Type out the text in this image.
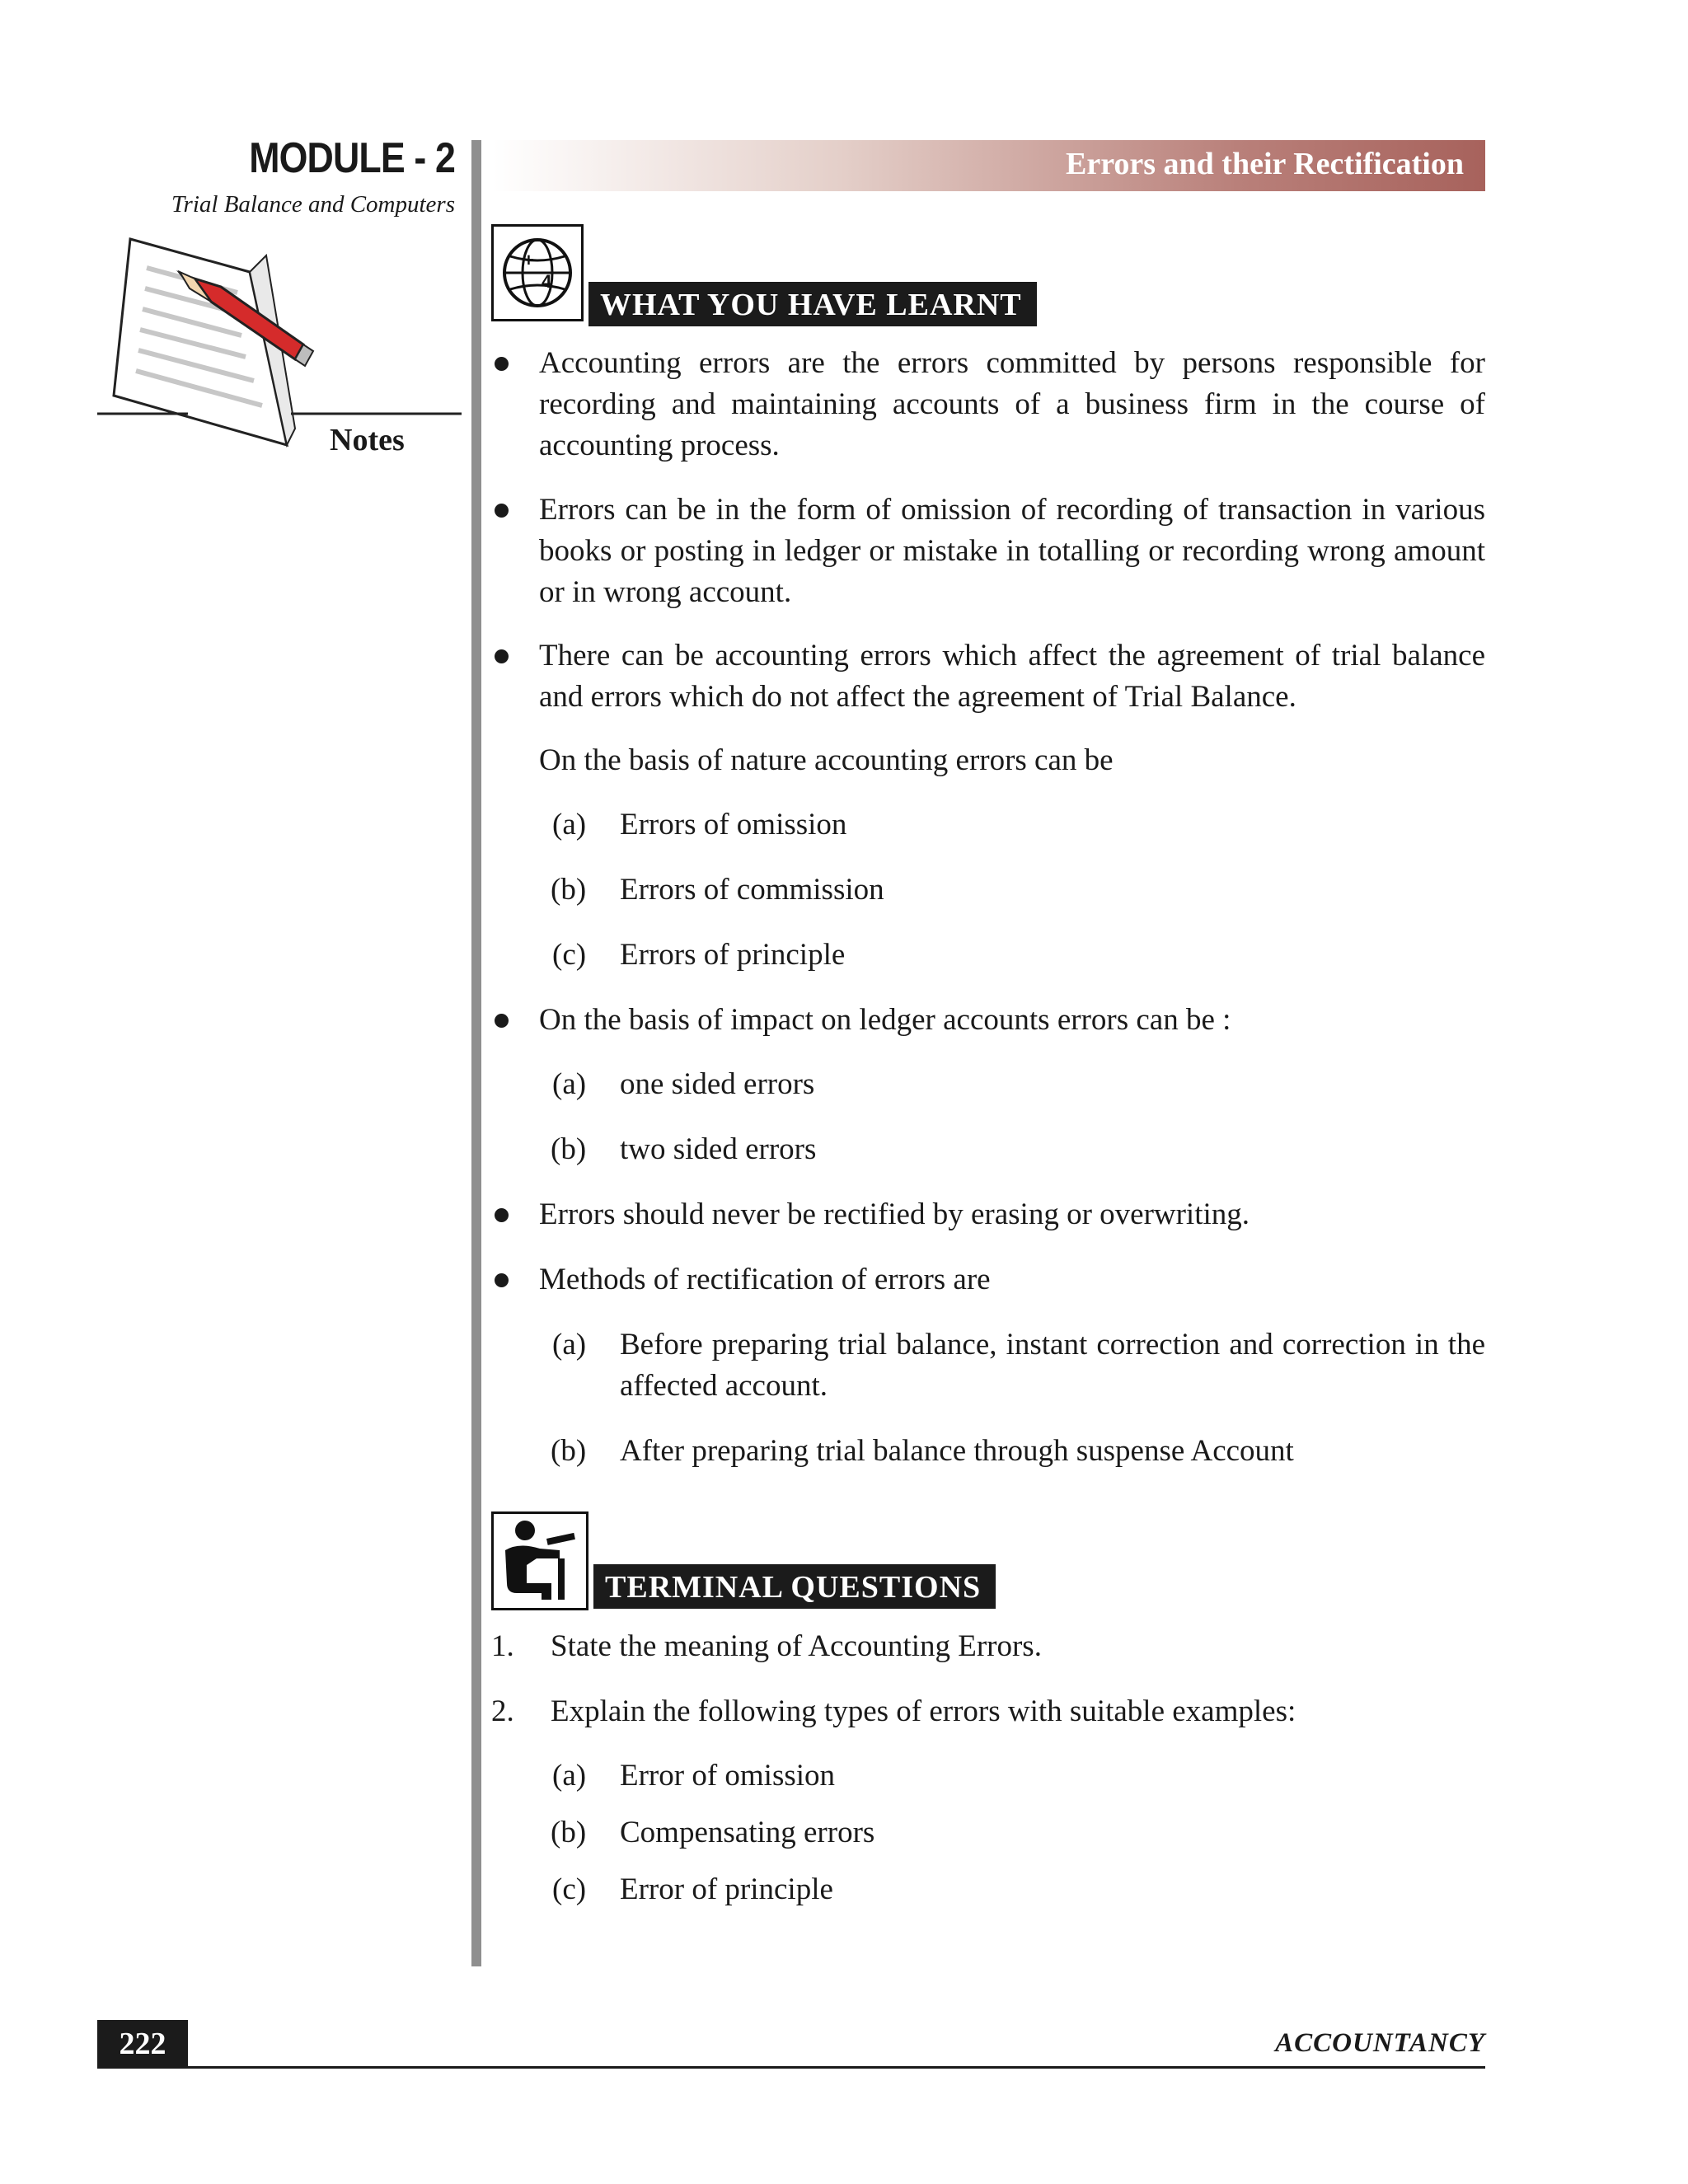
MODULE - 2
Trial Balance and Computers
Notes
Errors and their Rectification
+
4
WHAT YOU HAVE LEARNT
Accounting errors are the errors committed by persons responsible for recording and maintaining accounts of a business firm in the course of accounting process.
Errors can be in the form of omission of recording of transaction in various books or posting in ledger or mistake in totalling or recording wrong amount or in wrong account.
There can be accounting errors which affect the agreement of trial balance and errors which do not affect the agreement of Trial Balance.
On the basis of nature accounting errors can be
(a) Errors of omission
(b) Errors of commission
(c) Errors of principle
On the basis of impact on ledger accounts errors can be :
(a) one sided errors
(b) two sided errors
Errors should never be rectified by erasing or overwriting.
Methods of rectification of errors are
(a) Before preparing trial balance, instant correction and correction in the affected account.
(b) After preparing trial balance through suspense Account
TERMINAL QUESTIONS
1. State the meaning of Accounting Errors.
2. Explain the following types of errors with suitable examples:
(a) Error of omission
(b) Compensating errors
(c) Error of principle
222	ACCOUNTANCY
